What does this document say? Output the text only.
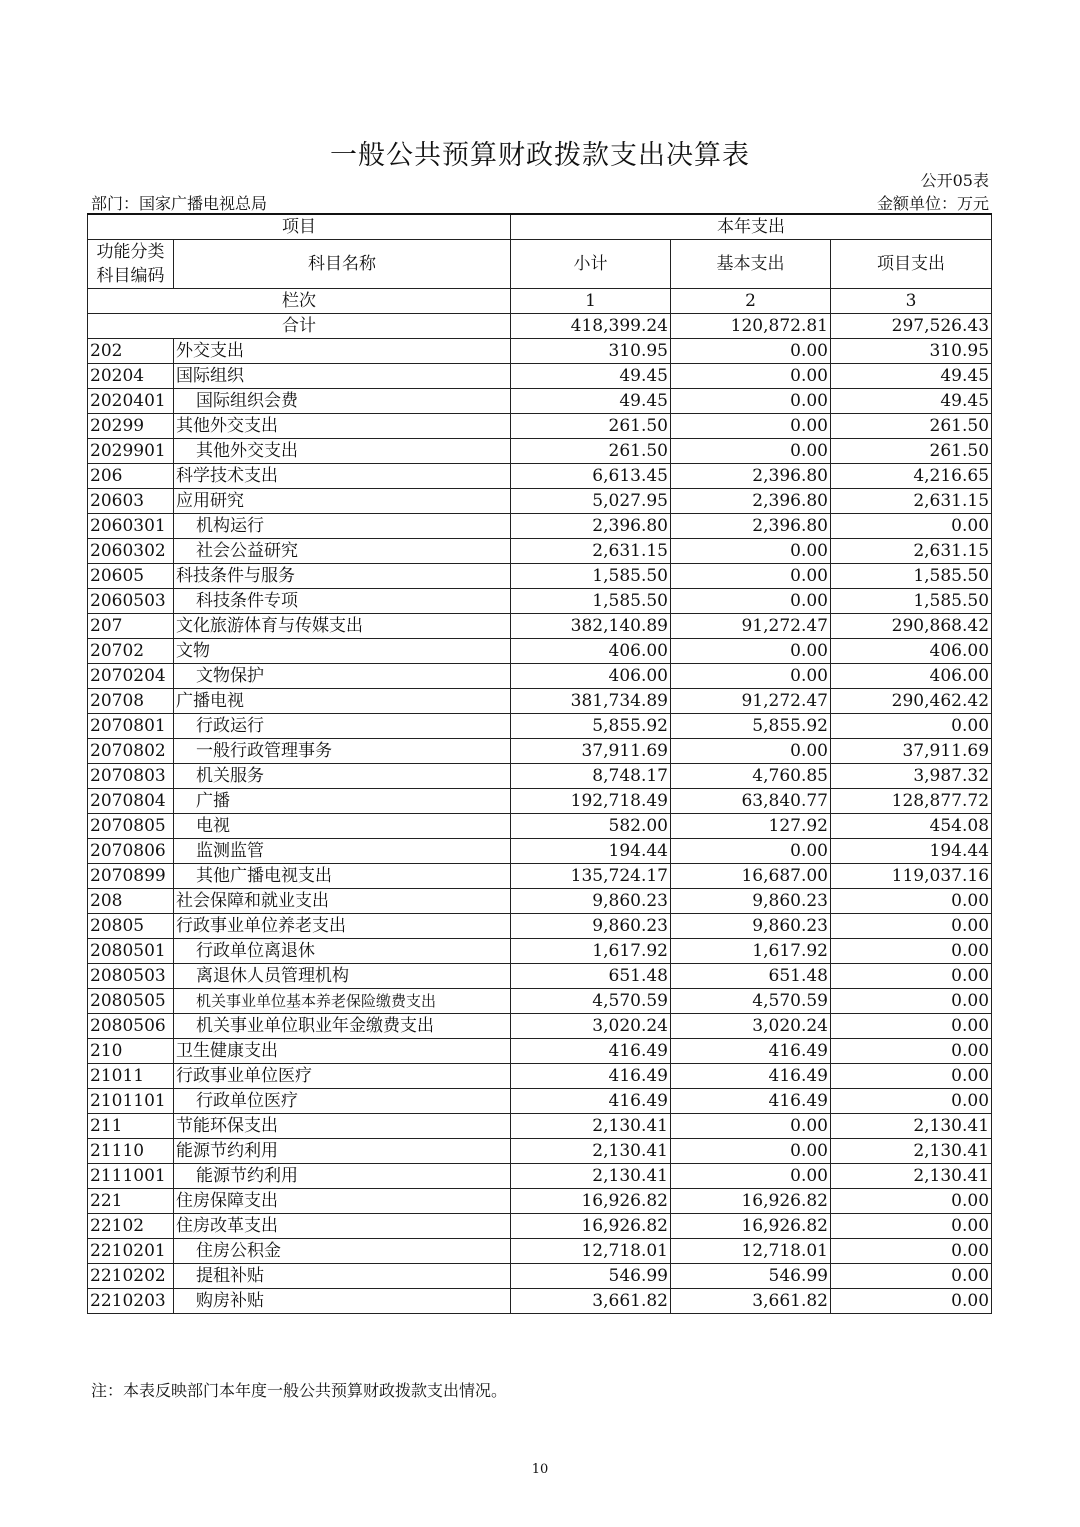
一般公共预算财政拨款支出决算表
公开05表
部门：国家广播电视总局	金额单位：万元
项目		本年支出		

功能分类
科目编码	科目名称	小计	基本支出	项目支出
栏次		1	2	3
合计		418,399.24	120,872.81	297,526.43
202	外交支出	310.95	0.00	310.95
20204	国际组织	49.45	0.00	49.45
2020401	国际组织会费	49.45	0.00	49.45
20299	其他外交支出	261.50	0.00	261.50
2029901	其他外交支出	261.50	0.00	261.50
206	科学技术支出	6,613.45	2,396.80	4,216.65
20603	应用研究	5,027.95	2,396.80	2,631.15
2060301	机构运行	2,396.80	2,396.80	0.00
2060302	社会公益研究	2,631.15	0.00	2,631.15
20605	科技条件与服务	1,585.50	0.00	1,585.50
2060503	科技条件专项	1,585.50	0.00	1,585.50
207	文化旅游体育与传媒支出	382,140.89	91,272.47	290,868.42
20702	文物	406.00	0.00	406.00
2070204	文物保护	406.00	0.00	406.00
20708	广播电视	381,734.89	91,272.47	290,462.42
2070801	行政运行	5,855.92	5,855.92	0.00
2070802	一般行政管理事务	37,911.69	0.00	37,911.69
2070803	机关服务	8,748.17	4,760.85	3,987.32
2070804	广播	192,718.49	63,840.77	128,877.72
2070805	电视	582.00	127.92	454.08
2070806	监测监管	194.44	0.00	194.44
2070899	其他广播电视支出	135,724.17	16,687.00	119,037.16
208	社会保障和就业支出	9,860.23	9,860.23	0.00
20805	行政事业单位养老支出	9,860.23	9,860.23	0.00
2080501	行政单位离退休	1,617.92	1,617.92	0.00
2080503	离退休人员管理机构	651.48	651.48	0.00
2080505	机关事业单位基本养老保险缴费支出	4,570.59	4,570.59	0.00
2080506	机关事业单位职业年金缴费支出	3,020.24	3,020.24	0.00
210	卫生健康支出	416.49	416.49	0.00
21011	行政事业单位医疗	416.49	416.49	0.00
2101101	行政单位医疗	416.49	416.49	0.00
211	节能环保支出	2,130.41	0.00	2,130.41
21110	能源节约利用	2,130.41	0.00	2,130.41
2111001	能源节约利用	2,130.41	0.00	2,130.41
221	住房保障支出	16,926.82	16,926.82	0.00
22102	住房改革支出	16,926.82	16,926.82	0.00
2210201	住房公积金	12,718.01	12,718.01	0.00
2210202	提租补贴	546.99	546.99	0.00
2210203	购房补贴	3,661.82	3,661.82	0.00
注：本表反映部门本年度一般公共预算财政拨款支出情况。
10
